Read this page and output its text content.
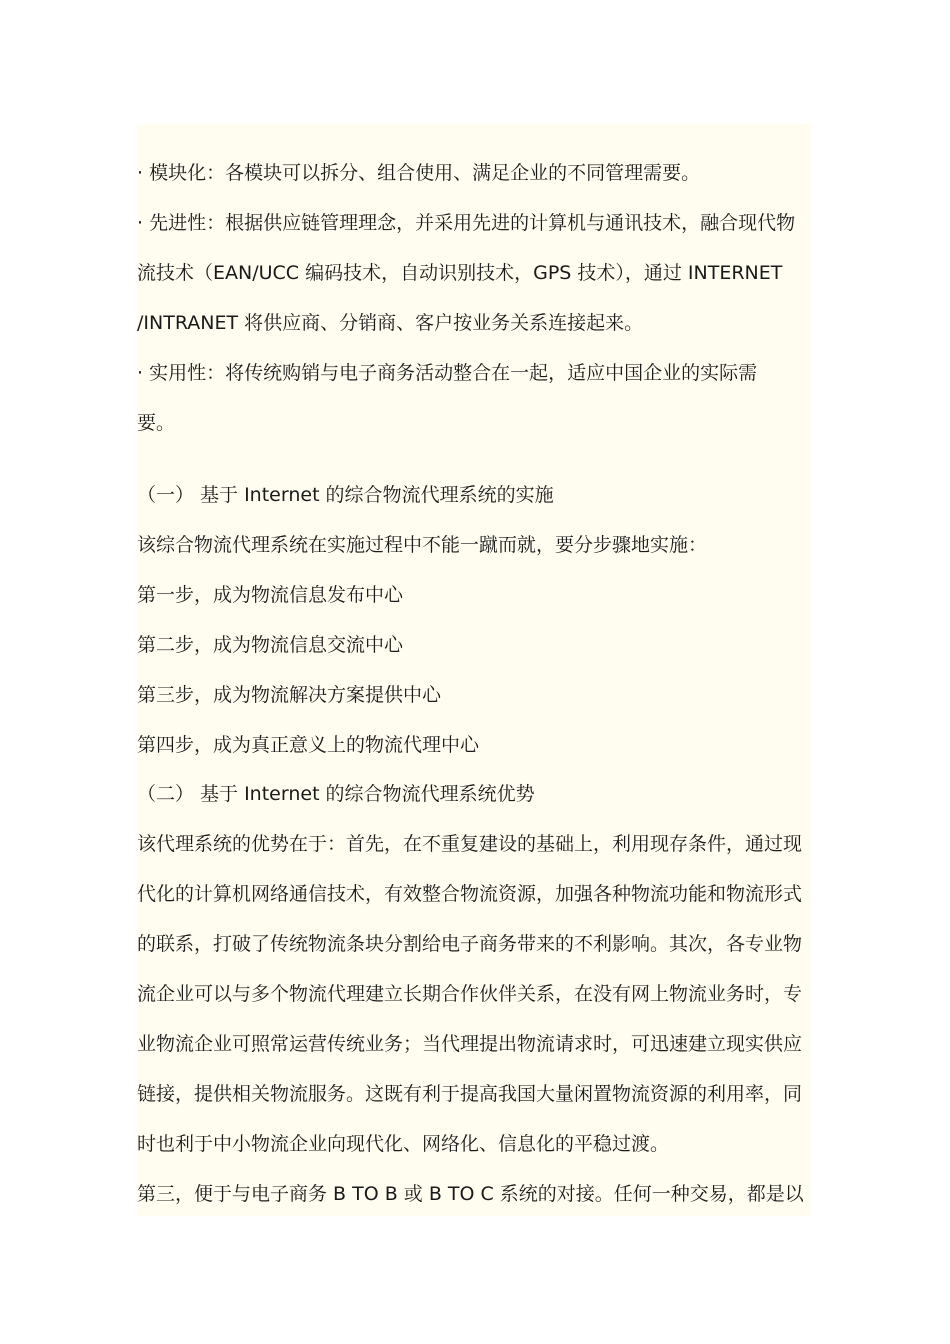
· 模块化：各模块可以拆分、组合使用、满足企业的不同管理需要。
· 先进性：根据供应链管理理念，并采用先进的计算机与通讯技术，融合现代物
流技术（EAN/UCC 编码技术，自动识别技术，GPS 技术），通过 INTERNET
/INTRANET 将供应商、分销商、客户按业务关系连接起来。
· 实用性：将传统购销与电子商务活动整合在一起，适应中国企业的实际需
要。
（一） 基于 Internet 的综合物流代理系统的实施
该综合物流代理系统在实施过程中不能一蹴而就，要分步骤地实施：
第一步，成为物流信息发布中心
第二步，成为物流信息交流中心
第三步，成为物流解决方案提供中心
第四步，成为真正意义上的物流代理中心
（二） 基于 Internet 的综合物流代理系统优势
该代理系统的优势在于：首先，在不重复建设的基础上，利用现存条件，通过现
代化的计算机网络通信技术，有效整合物流资源，加强各种物流功能和物流形式
的联系，打破了传统物流条块分割给电子商务带来的不利影响。其次，各专业物
流企业可以与多个物流代理建立长期合作伙伴关系，在没有网上物流业务时，专
业物流企业可照常运营传统业务；当代理提出物流请求时，可迅速建立现实供应
链接，提供相关物流服务。这既有利于提高我国大量闲置物流资源的利用率，同
时也利于中小物流企业向现代化、网络化、信息化的平稳过渡。
第三，便于与电子商务 B TO B 或 B TO C 系统的对接。任何一种交易，都是以
